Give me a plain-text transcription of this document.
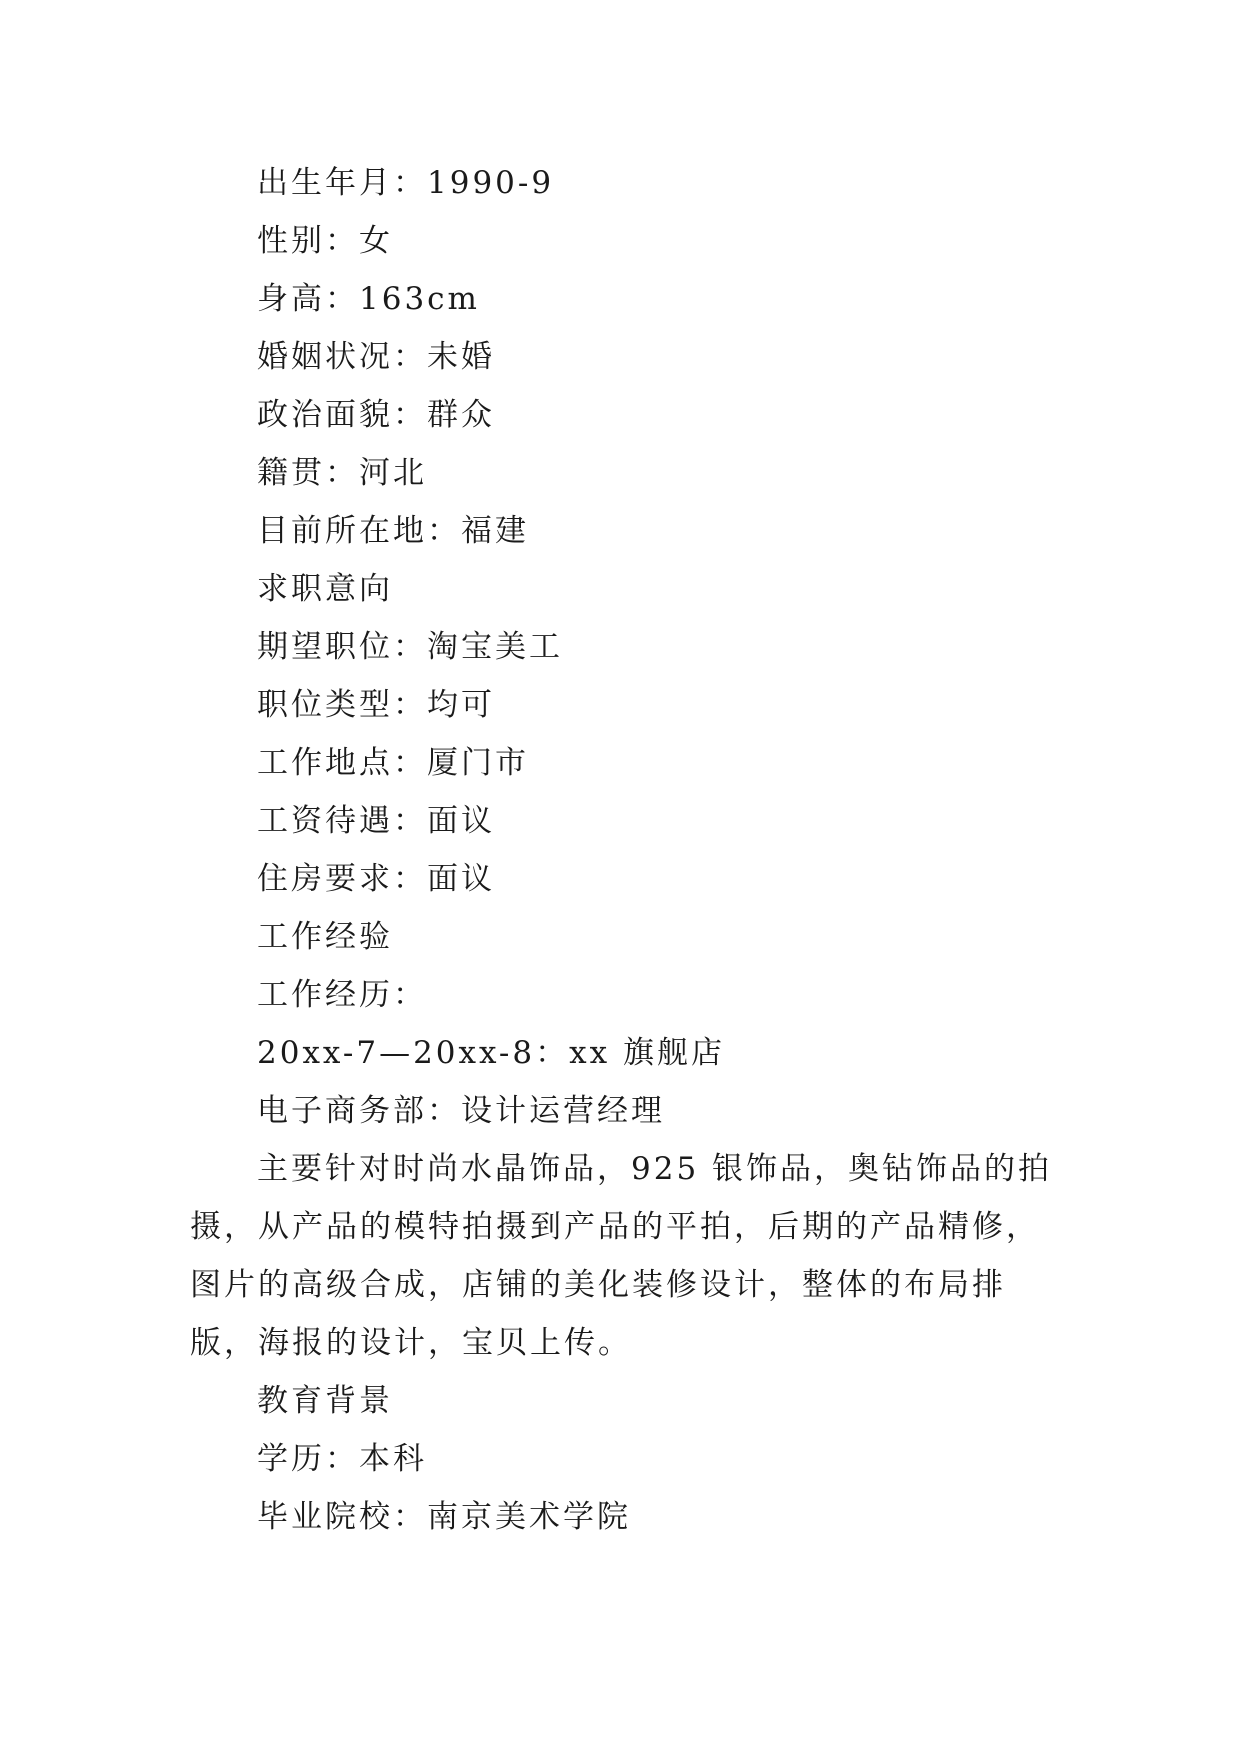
出生年月：1990-9
性别：女
身高：163cm
婚姻状况：未婚
政治面貌：群众
籍贯：河北
目前所在地：福建
求职意向
期望职位：淘宝美工
职位类型：均可
工作地点：厦门市
工资待遇：面议
住房要求：面议
工作经验
工作经历：
20xx-7—20xx-8：xx 旗舰店
电子商务部：设计运营经理

主要针对时尚水晶饰品，925 银饰品，奥钻饰品的拍摄，从产品的模特拍摄到产品的平拍，后期的产品精修，图片的高级合成，店铺的美化装修设计，整体的布局排版，海报的设计，宝贝上传。

教育背景
学历：本科
毕业院校：南京美术学院
